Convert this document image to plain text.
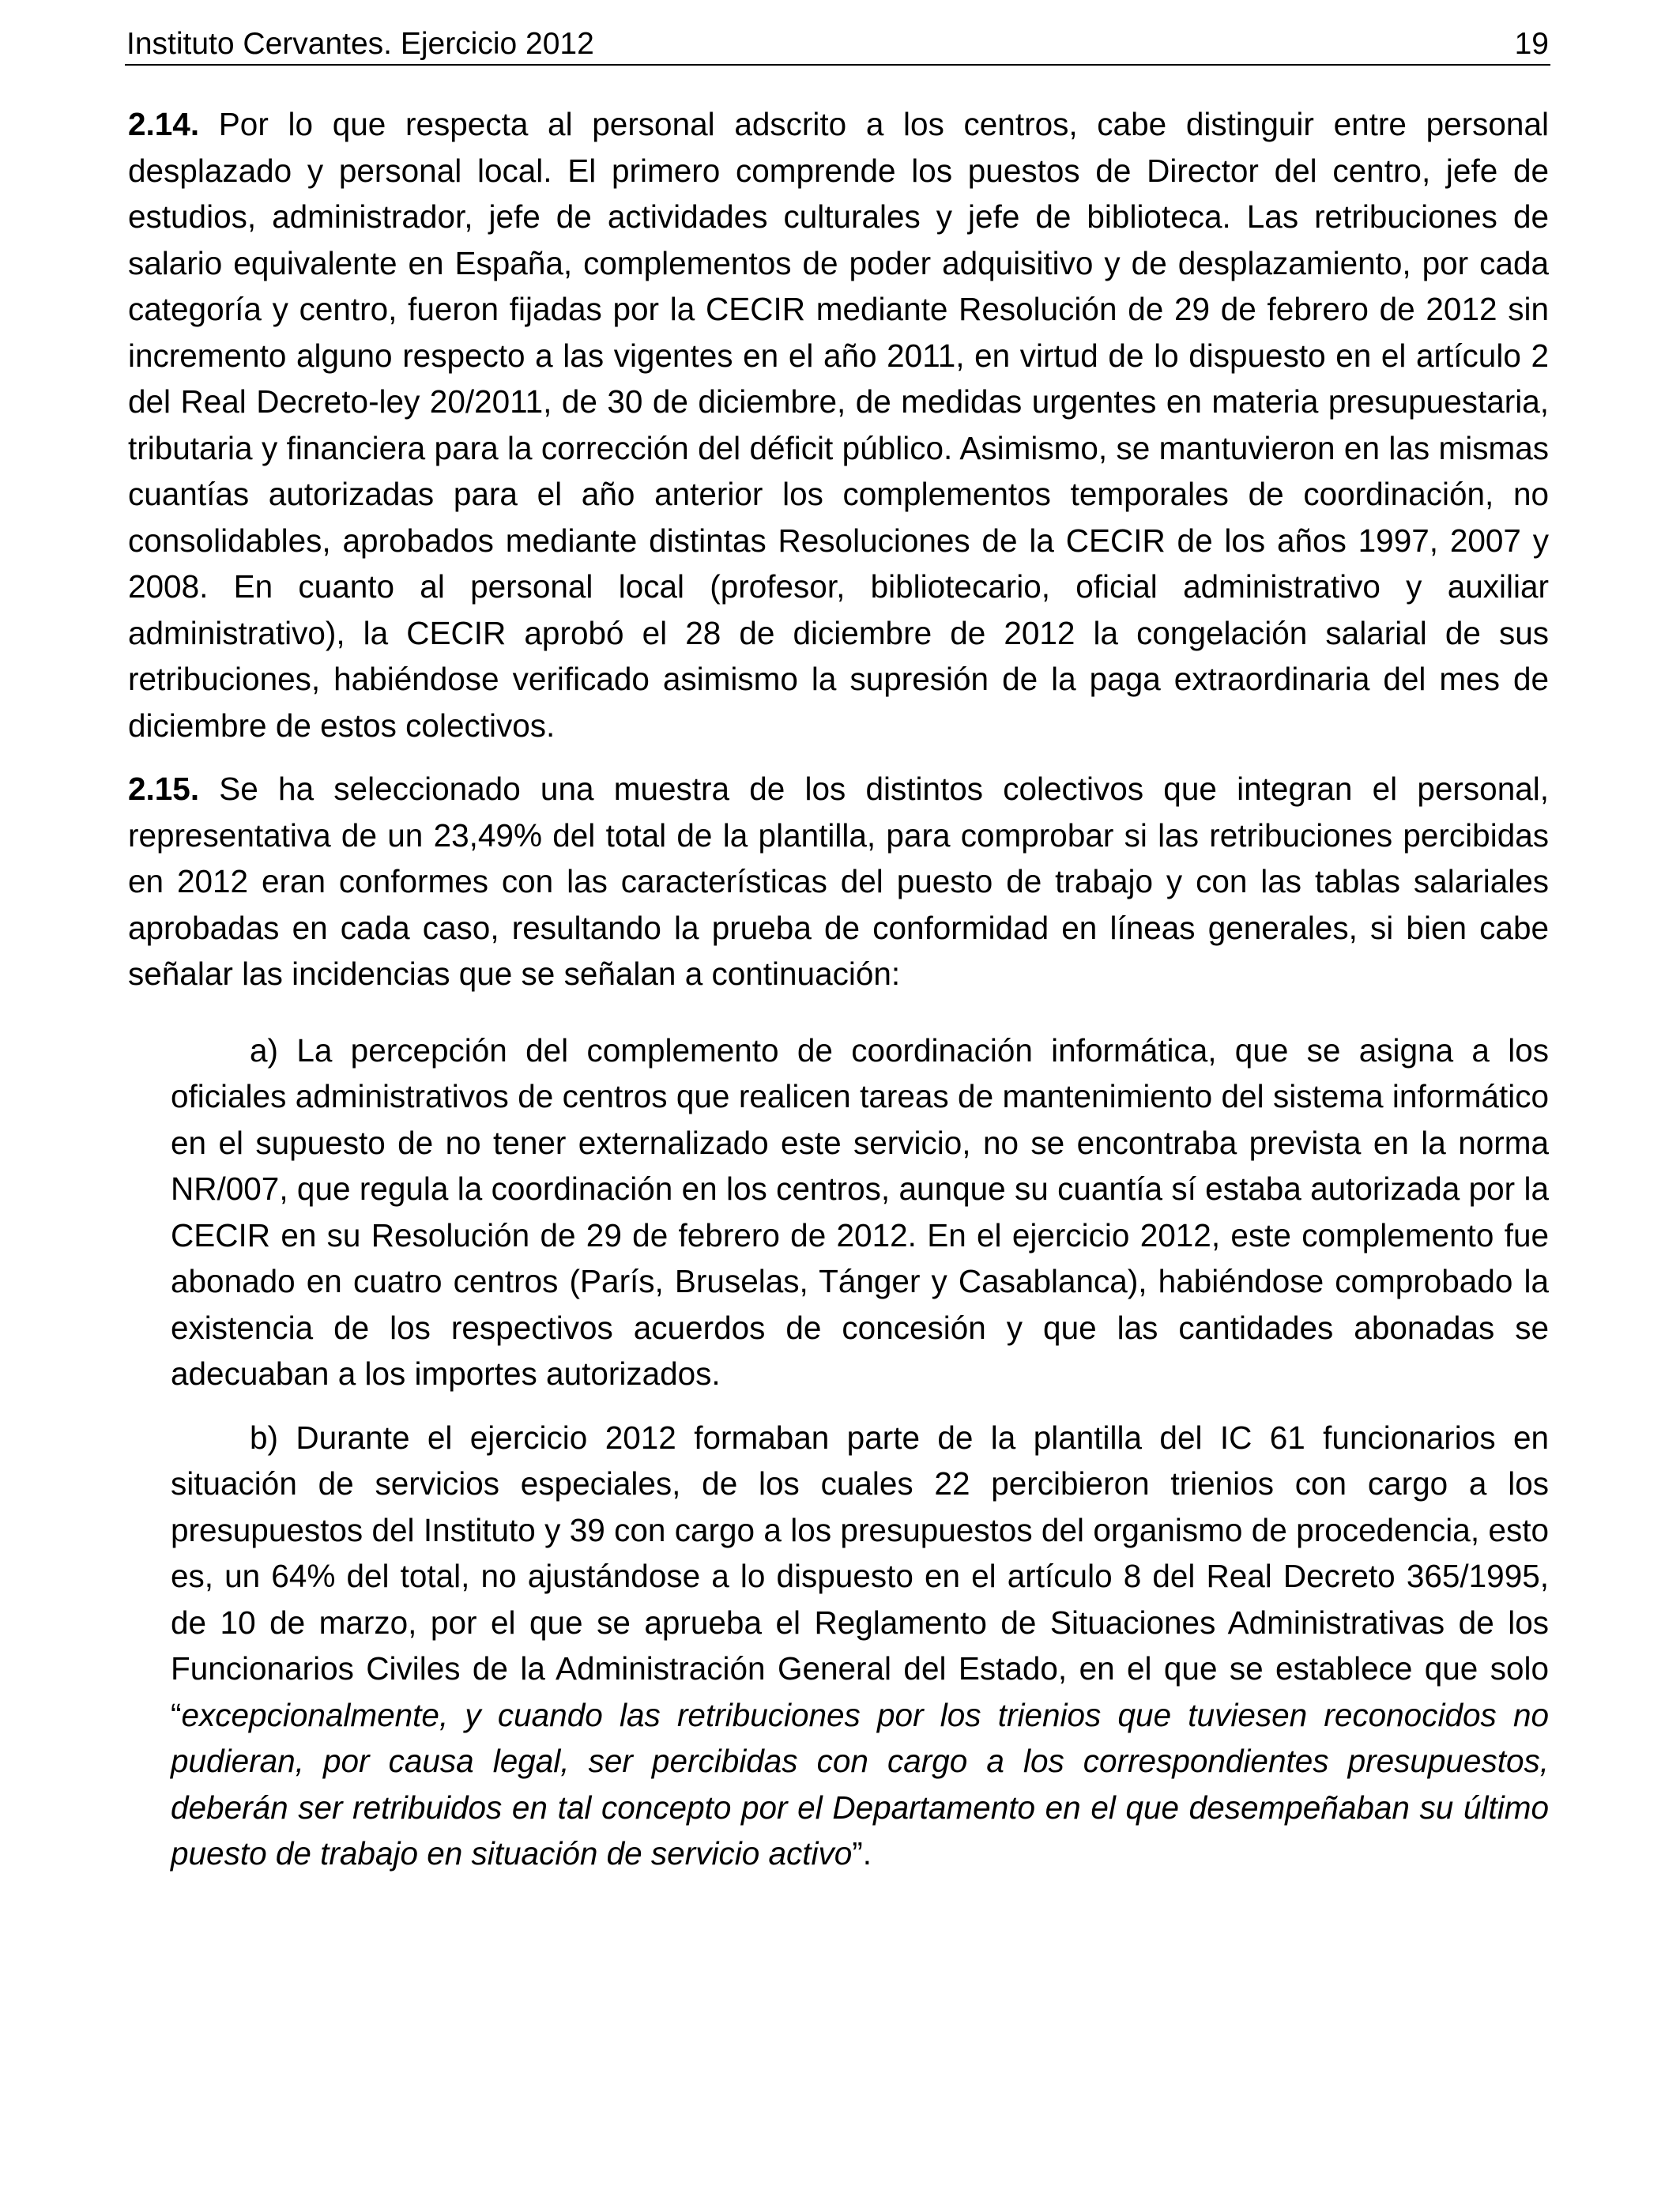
Instituto Cervantes. Ejercicio 2012	19

2.14. Por lo que respecta al personal adscrito a los centros, cabe distinguir entre personal desplazado y personal local. El primero comprende los puestos de Director del centro, jefe de estudios, administrador, jefe de actividades culturales y jefe de biblioteca. Las retribuciones de salario equivalente en España, complementos de poder adquisitivo y de desplazamiento, por cada categoría y centro, fueron fijadas por la CECIR mediante Resolución de 29 de febrero de 2012 sin incremento alguno respecto a las vigentes en el año 2011, en virtud de lo dispuesto en el artículo 2 del Real Decreto-ley 20/2011, de 30 de diciembre, de medidas urgentes en materia presupuestaria, tributaria y financiera para la corrección del déficit público. Asimismo, se mantuvieron en las mismas cuantías autorizadas para el año anterior los complementos temporales de coordinación, no consolidables, aprobados mediante distintas Resoluciones de la CECIR de los años 1997, 2007 y 2008. En cuanto al personal local (profesor, bibliotecario, oficial administrativo y auxiliar administrativo), la CECIR aprobó el 28 de diciembre de 2012 la congelación salarial de sus retribuciones, habiéndose verificado asimismo la supresión de la paga extraordinaria del mes de diciembre de estos colectivos.

2.15. Se ha seleccionado una muestra de los distintos colectivos que integran el personal, representativa de un 23,49% del total de la plantilla, para comprobar si las retribuciones percibidas en 2012 eran conformes con las características del puesto de trabajo y con las tablas salariales aprobadas en cada caso, resultando la prueba de conformidad en líneas generales, si bien cabe señalar las incidencias que se señalan a continuación:

a) La percepción del complemento de coordinación informática, que se asigna a los oficiales administrativos de centros que realicen tareas de mantenimiento del sistema informático en el supuesto de no tener externalizado este servicio, no se encontraba prevista en la norma NR/007, que regula la coordinación en los centros, aunque su cuantía sí estaba autorizada por la CECIR en su Resolución de 29 de febrero de 2012. En el ejercicio 2012, este complemento fue abonado en cuatro centros (París, Bruselas, Tánger y Casablanca), habiéndose comprobado la existencia de los respectivos acuerdos de concesión y que las cantidades abonadas se adecuaban a los importes autorizados.

b) Durante el ejercicio 2012 formaban parte de la plantilla del IC 61 funcionarios en situación de servicios especiales, de los cuales 22 percibieron trienios con cargo a los presupuestos del Instituto y 39 con cargo a los presupuestos del organismo de procedencia, esto es, un 64% del total, no ajustándose a lo dispuesto en el artículo 8 del Real Decreto 365/1995, de 10 de marzo, por el que se aprueba el Reglamento de Situaciones Administrativas de los Funcionarios Civiles de la Administración General del Estado, en el que se establece que solo “excepcionalmente, y cuando las retribuciones por los trienios que tuviesen reconocidos no pudieran, por causa legal, ser percibidas con cargo a los correspondientes presupuestos, deberán ser retribuidos en tal concepto por el Departamento en el que desempeñaban su último puesto de trabajo en situación de servicio activo”.
